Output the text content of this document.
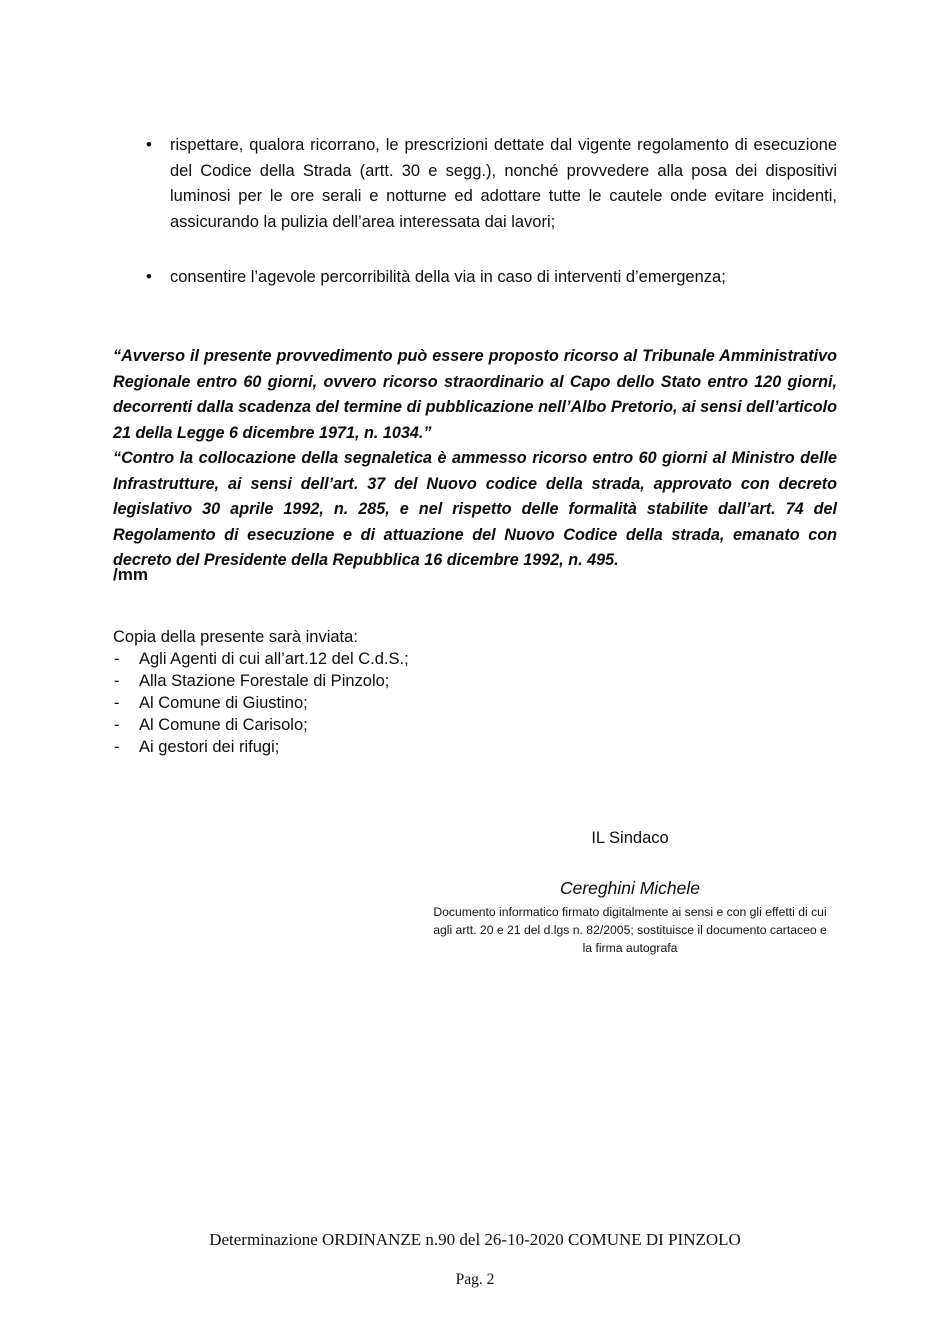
• rispettare, qualora ricorrano, le prescrizioni dettate dal vigente regolamento di esecuzione del Codice della Strada (artt. 30 e segg.), nonché provvedere alla posa dei dispositivi luminosi per le ore serali e notturne ed adottare tutte le cautele onde evitare incidenti, assicurando la pulizia dell’area interessata dai lavori;
• consentire l’agevole percorribilità della via in caso di interventi d’emergenza;

“Avverso il presente provvedimento può essere proposto ricorso al Tribunale Amministrativo Regionale entro 60 giorni, ovvero ricorso straordinario al Capo dello Stato entro 120 giorni, decorrenti dalla scadenza del termine di pubblicazione nell’Albo Pretorio, ai sensi dell’articolo 21 della Legge 6 dicembre 1971, n. 1034.”

“Contro la collocazione della segnaletica è ammesso ricorso entro 60 giorni al Ministro delle Infrastrutture, ai sensi dell’art. 37 del Nuovo codice della strada, approvato con decreto legislativo 30 aprile 1992, n. 285, e nel rispetto delle formalità stabilite dall’art. 74 del Regolamento di esecuzione e di attuazione del Nuovo Codice della strada, emanato con decreto del Presidente della Repubblica 16 dicembre 1992, n. 495.

/mm
Copia della presente sarà inviata:
- Agli Agenti di cui all’art.12 del C.d.S.;
- Alla Stazione Forestale di Pinzolo;
- Al Comune di Giustino;
- Al Comune di Carisolo;
- Ai gestori dei rifugi;
IL Sindaco
Cereghini Michele
Documento informatico firmato digitalmente ai sensi e con gli effetti di cui agli artt. 20 e 21 del d.lgs n. 82/2005; sostituisce il documento cartaceo e la firma autografa
Determinazione ORDINANZE n.90 del 26-10-2020 COMUNE DI PINZOLO
Pag. 2
